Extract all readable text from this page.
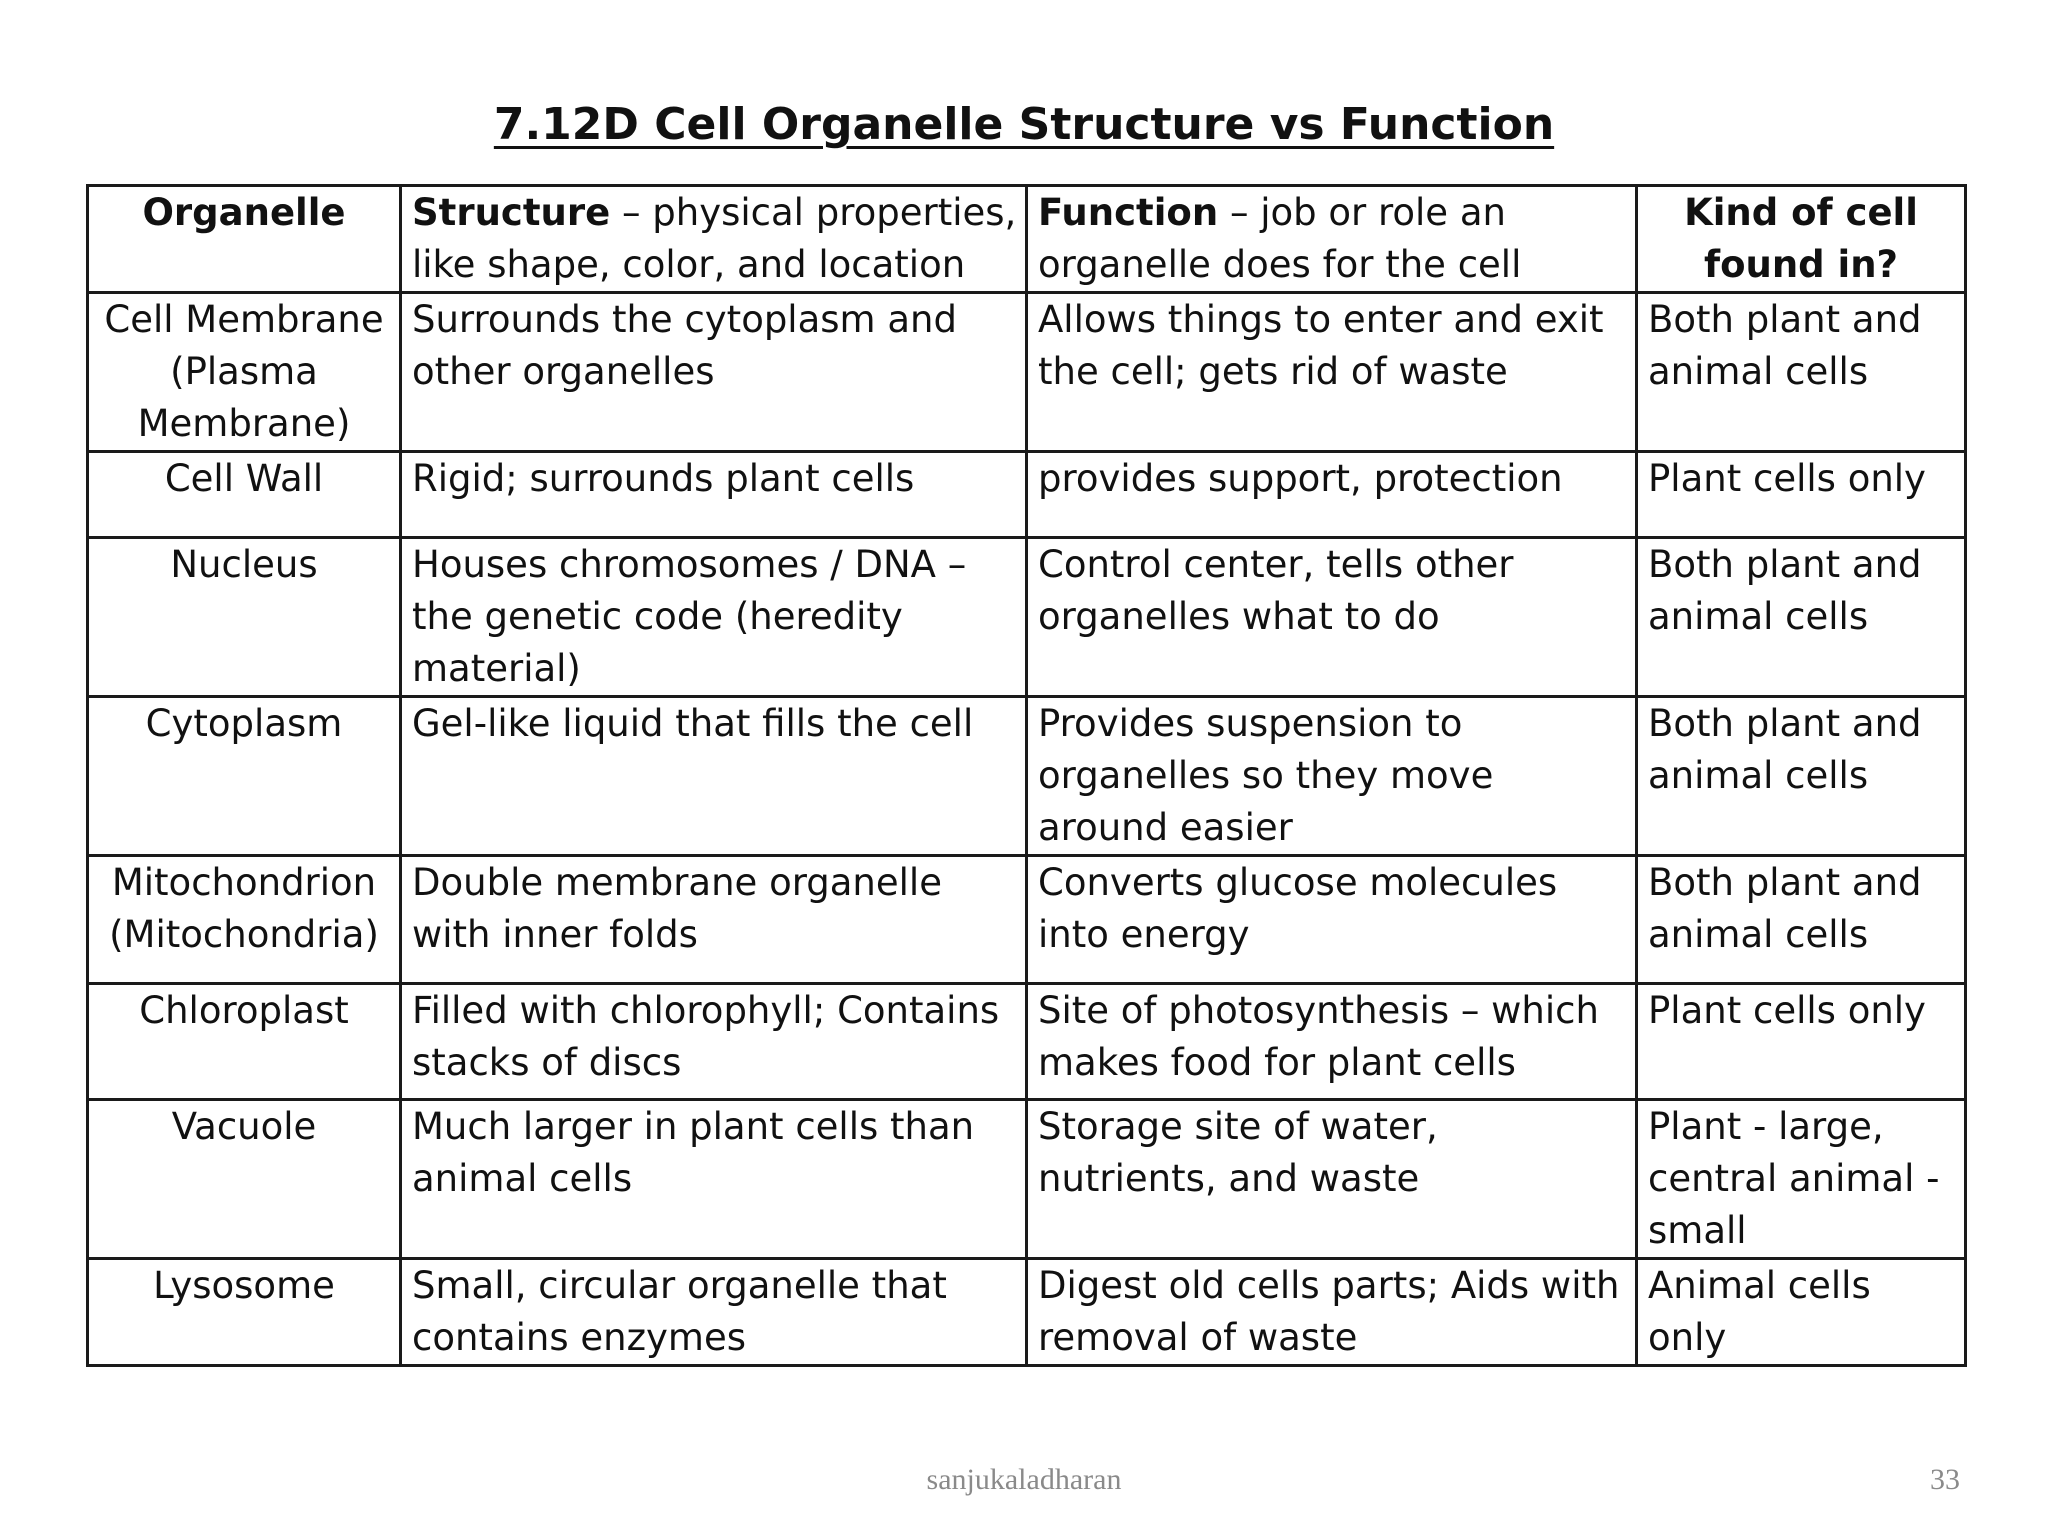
7.12D Cell Organelle Structure vs Function
Organelle	Structure – physical properties, like shape, color, and location	Function – job or role an organelle does for the cell	Kind of cell found in?
Cell Membrane (Plasma Membrane)	Surrounds the cytoplasm and other organelles	Allows things to enter and exit the cell; gets rid of waste	Both plant and animal cells
Cell Wall	Rigid; surrounds plant cells	provides support, protection	Plant cells only
Nucleus	Houses chromosomes / DNA – the genetic code (heredity material)	Control center, tells other organelles what to do	Both plant and animal cells
Cytoplasm	Gel-like liquid that fills the cell	Provides suspension to organelles so they move around easier	Both plant and animal cells
Mitochondrion (Mitochondria)	Double membrane organelle with inner folds	Converts glucose molecules into energy	Both plant and animal cells
Chloroplast	Filled with chlorophyll; Contains stacks of discs	Site of photosynthesis – which makes food for plant cells	Plant cells only
Vacuole	Much larger in plant cells than animal cells	Storage site of water, nutrients, and waste	Plant - large, central animal -small
Lysosome	Small, circular organelle that contains enzymes	Digest old cells parts; Aids with removal of waste	Animal cells only
sanjukaladharan	33
